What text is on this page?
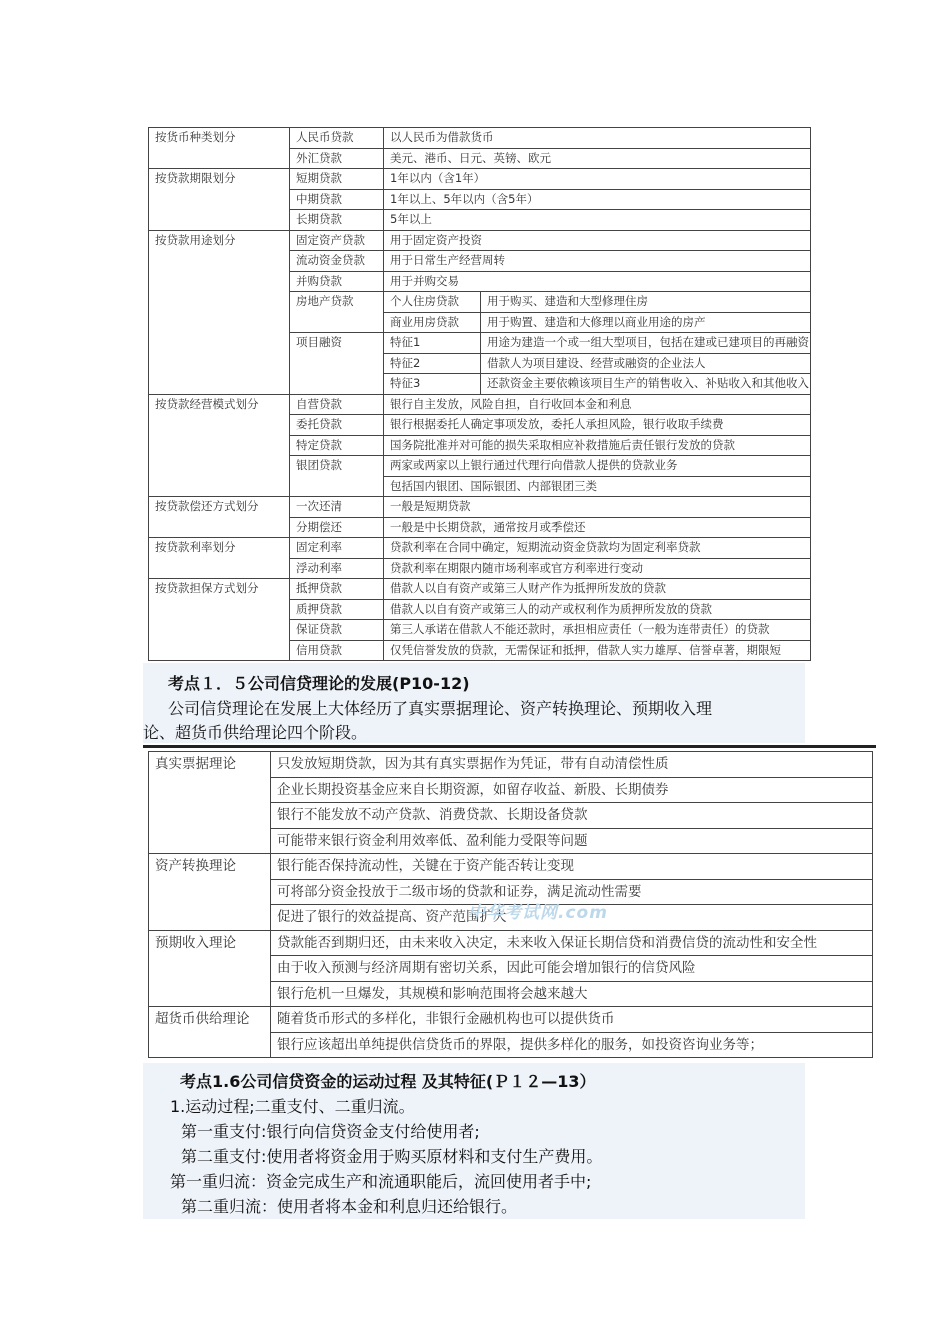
按货币种类划分	人民币贷款	以人民币为借款货币	
	外汇贷款	美元、港币、日元、英镑、欧元	
按贷款期限划分	短期贷款	1年以内（含1年）	
	中期贷款	1年以上、5年以内（含5年）	
	长期贷款	5年以上	
按贷款用途划分	固定资产贷款	用于固定资产投资	
	流动资金贷款	用于日常生产经营周转	
	并购贷款	用于并购交易	
	房地产贷款	个人住房贷款	用于购买、建造和大型修理住房
		商业用房贷款	用于购置、建造和大修理以商业用途的房产
	项目融资	特征1	用途为建造一个或一组大型项目，包括在建或已建项目的再融资
		特征2	借款人为项目建设、经营或融资的企业法人
		特征3	还款资金主要依赖该项目生产的销售收入、补贴收入和其他收入
按贷款经营模式划分	自营贷款	银行自主发放，风险自担，自行收回本金和利息	
	委托贷款	银行根据委托人确定事项发放，委托人承担风险，银行收取手续费	
	特定贷款	国务院批准并对可能的损失采取相应补救措施后责任银行发放的贷款	
	银团贷款	两家或两家以上银行通过代理行向借款人提供的贷款业务	
		包括国内银团、国际银团、内部银团三类	
按贷款偿还方式划分	一次还清	一般是短期贷款	
	分期偿还	一般是中长期贷款，通常按月或季偿还	
按贷款利率划分	固定利率	贷款利率在合同中确定，短期流动资金贷款均为固定利率贷款	
	浮动利率	贷款利率在期限内随市场利率或官方利率进行变动	
按贷款担保方式划分	抵押贷款	借款人以自有资产或第三人财产作为抵押所发放的贷款	
	质押贷款	借款人以自有资产或第三人的动产或权利作为质押所发放的贷款	
	保证贷款	第三人承诺在借款人不能还款时，承担相应责任（一般为连带责任）的贷款	
	信用贷款	仅凭信誉发放的贷款，无需保证和抵押，借款人实力雄厚、信誉卓著，期限短	
考点１．５公司信贷理论的发展(P10-12)
公司信贷理论在发展上大体经历了真实票据理论、资产转换理论、预期收入理
论、超货币供给理论四个阶段。
真实票据理论	只发放短期贷款，因为其有真实票据作为凭证，带有自动清偿性质
	企业长期投资基金应来自长期资源，如留存收益、新股、长期债券
	银行不能发放不动产贷款、消费贷款、长期设备贷款
	可能带来银行资金利用效率低、盈利能力受限等问题
资产转换理论	银行能否保持流动性，关键在于资产能否转让变现
	可将部分资金投放于二级市场的贷款和证券，满足流动性需要
	促进了银行的效益提高、资产范围扩大
预期收入理论	贷款能否到期归还，由未来收入决定，未来收入保证长期信贷和消费信贷的流动性和安全性
	由于收入预测与经济周期有密切关系，因此可能会增加银行的信贷风险
	银行危机一旦爆发，其规模和影响范围将会越来越大
超货币供给理论	随着货币形式的多样化，非银行金融机构也可以提供货币
	银行应该超出单纯提供信贷货币的界限，提供多样化的服务，如投资咨询业务等；
中华考试网.com
考点1.6公司信贷资金的运动过程 及其特征(Ｐ１２—13）
1.运动过程;二重支付、二重归流。
第一重支付:银行向信贷资金支付给使用者;
第二重支付:使用者将资金用于购买原材料和支付生产费用。
第一重归流：资金完成生产和流通职能后，流回使用者手中;
第二重归流：使用者将本金和利息归还给银行。
